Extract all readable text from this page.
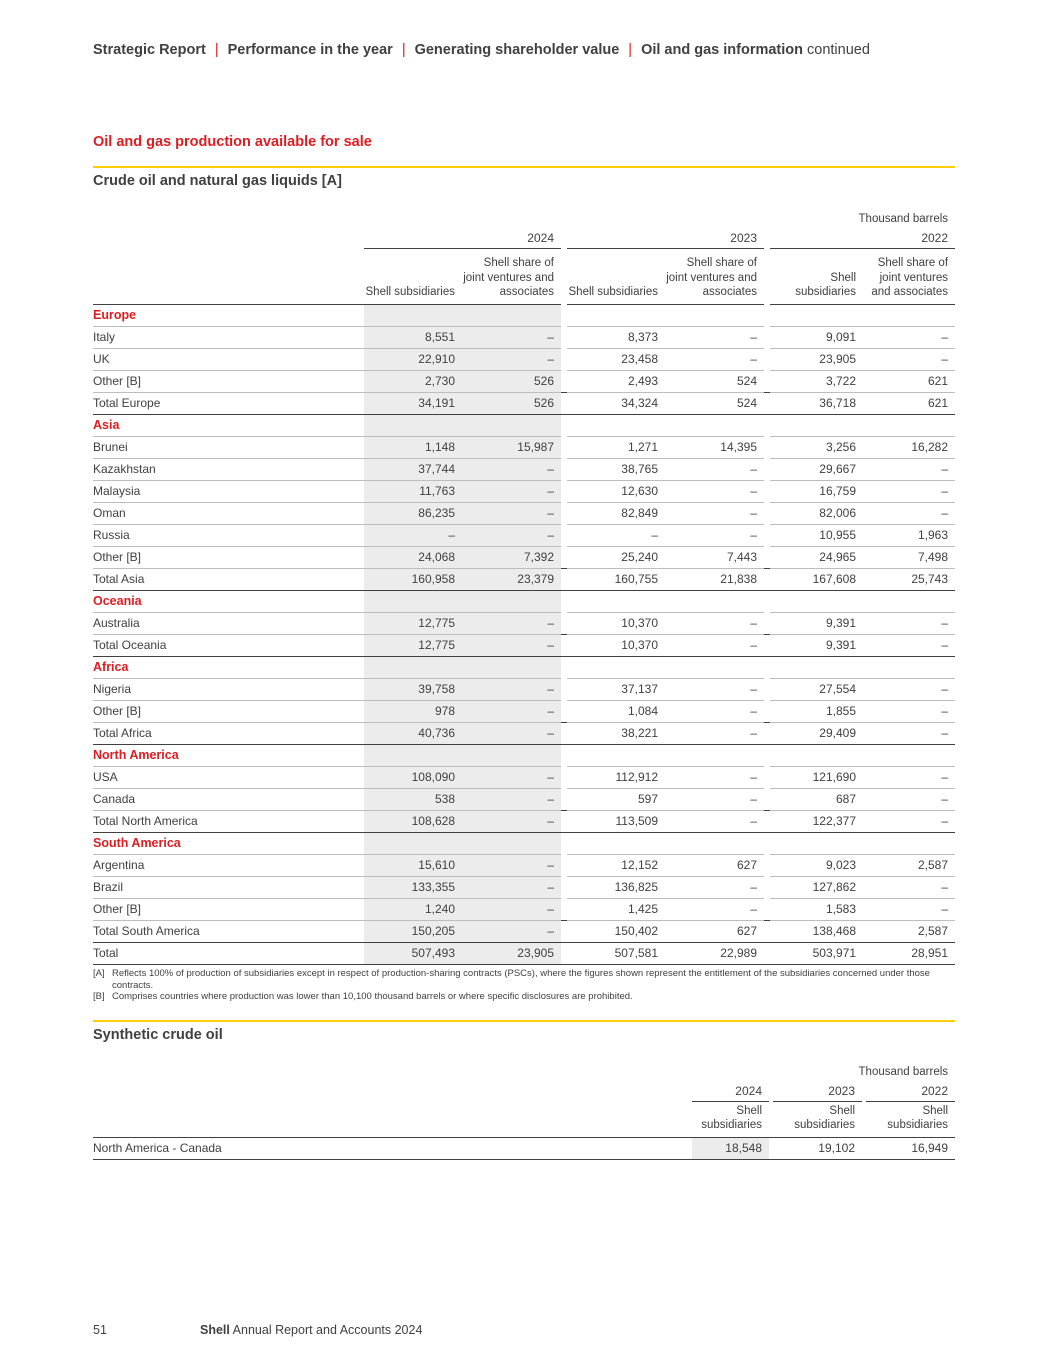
Strategic Report | Performance in the year | Generating shareholder value | Oil and gas information continued
Oil and gas production available for sale
Crude oil and natural gas liquids [A]
Thousand barrels								
	2024			2023			2022	
	Shell subsidiaries	Shell share of joint ventures and associates		Shell subsidiaries	Shell share of joint ventures and associates		Shell subsidiaries	Shell share of joint ventures and associates
Europe								
Italy	8,551	–		8,373	–		9,091	–
UK	22,910	–		23,458	–		23,905	–
Other [B]	2,730	526		2,493	524		3,722	621
Total Europe	34,191	526		34,324	524		36,718	621
Asia								
Brunei	1,148	15,987		1,271	14,395		3,256	16,282
Kazakhstan	37,744	–		38,765	–		29,667	–
Malaysia	11,763	–		12,630	–		16,759	–
Oman	86,235	–		82,849	–		82,006	–
Russia	–	–		–	–		10,955	1,963
Other [B]	24,068	7,392		25,240	7,443		24,965	7,498
Total Asia	160,958	23,379		160,755	21,838		167,608	25,743
Oceania								
Australia	12,775	–		10,370	–		9,391	–
Total Oceania	12,775	–		10,370	–		9,391	–
Africa								
Nigeria	39,758	–		37,137	–		27,554	–
Other [B]	978	–		1,084	–		1,855	–
Total Africa	40,736	–		38,221	–		29,409	–
North America								
USA	108,090	–		112,912	–		121,690	–
Canada	538	–		597	–		687	–
Total North America	108,628	–		113,509	–		122,377	–
South America								
Argentina	15,610	–		12,152	627		9,023	2,587
Brazil	133,355	–		136,825	–		127,862	–
Other [B]	1,240	–		1,425	–		1,583	–
Total South America	150,205	–		150,402	627		138,468	2,587
Total	507,493	23,905		507,581	22,989		503,971	28,951
[A] Reflects 100% of production of subsidiaries except in respect of production-sharing contracts (PSCs), where the figures shown represent the entitlement of the subsidiaries concerned under those contracts.
[B] Comprises countries where production was lower than 10,100 thousand barrels or where specific disclosures are prohibited.
Synthetic crude oil
Thousand barrels					
	2024		2023		2022
	Shell subsidiaries		Shell subsidiaries		Shell subsidiaries
North America - Canada	18,548		19,102		16,949
51	Shell Annual Report and Accounts 2024
